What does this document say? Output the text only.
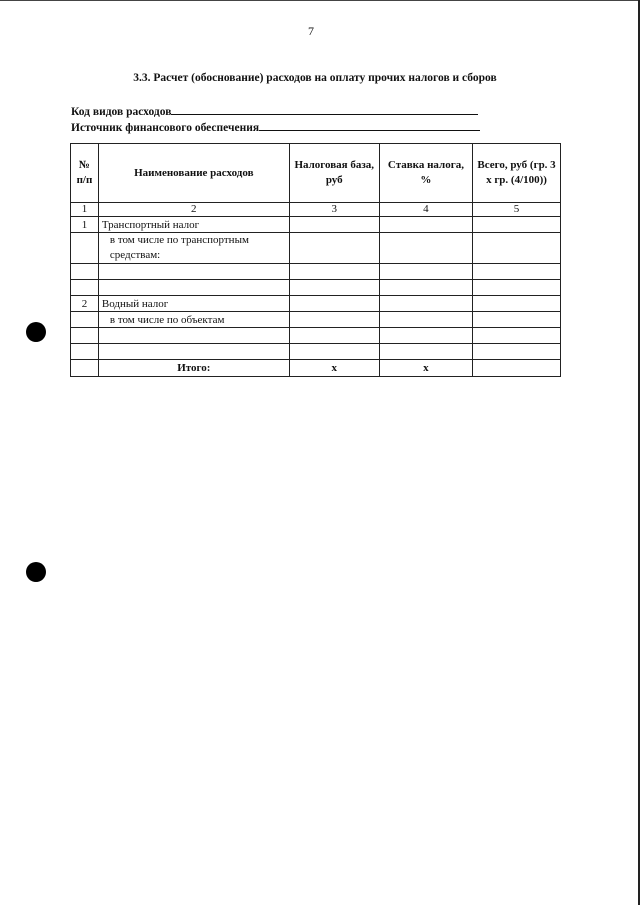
7
3.3. Расчет (обоснование) расходов на оплату прочих налогов и сборов
Код видов расходов
Источник финансового обеспечения
№ п/п	Наименование расходов	Налоговая база, руб	Ставка налога, %	Всего, руб (гр. 3 х гр. (4/100))
1	2	3	4	5
1	Транспортный налог			
	в том числе по транспортным средствам:			

2	Водный налог			
	в том числе по объектам			

	Итого:	х	х	
